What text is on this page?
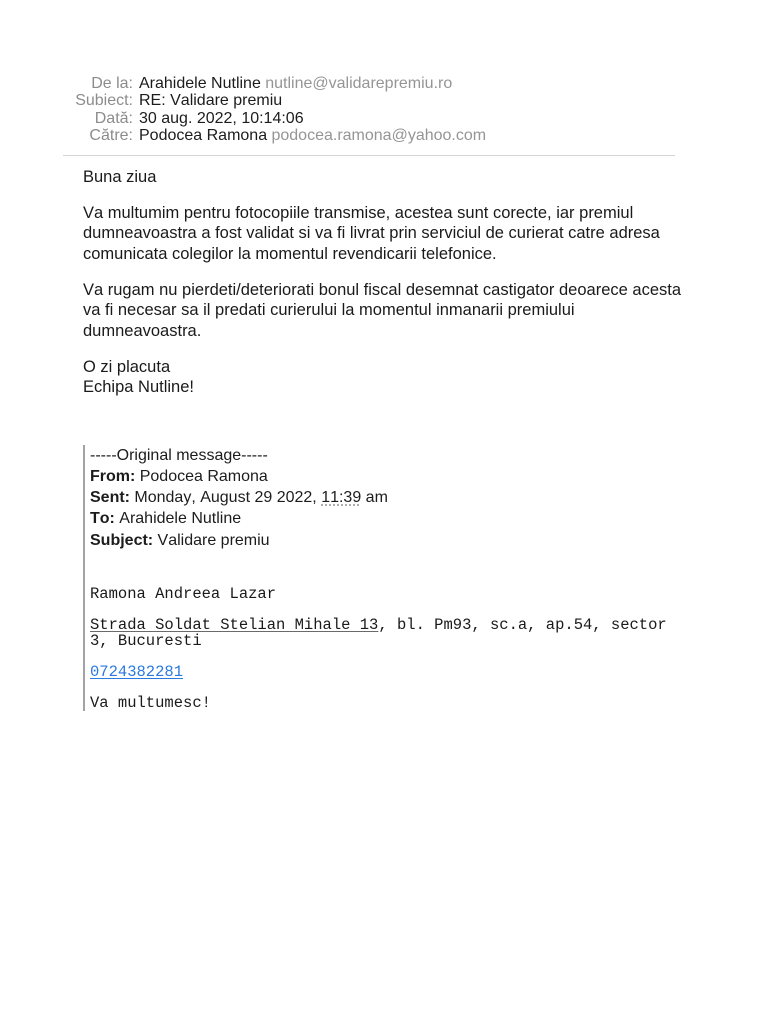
De la: Arahidele Nutline nutline@validarepremiu.ro
Subiect: RE: Validare premiu
Dată: 30 aug. 2022, 10:14:06
Către: Podocea Ramona podocea.ramona@yahoo.com

Buna ziua

Va multumim pentru fotocopiile transmise, acestea sunt corecte, iar premiul dumneavoastra a fost validat si va fi livrat prin serviciul de curierat catre adresa comunicata colegilor la momentul revendicarii telefonice.

Va rugam nu pierdeti/deteriorati bonul fiscal desemnat castigator deoarece acesta va fi necesar sa il predati curierului la momentul inmanarii premiului dumneavoastra.

O zi placuta
Echipa Nutline!

-----Original message-----
From: Podocea Ramona
Sent: Monday, August 29 2022, 11:39 am
To: Arahidele Nutline
Subject: Validare premiu

Ramona Andreea Lazar

Strada Soldat Stelian Mihale 13, bl. Pm93, sc.a, ap.54, sector 3, Bucuresti

0724382281

Va multumesc!
